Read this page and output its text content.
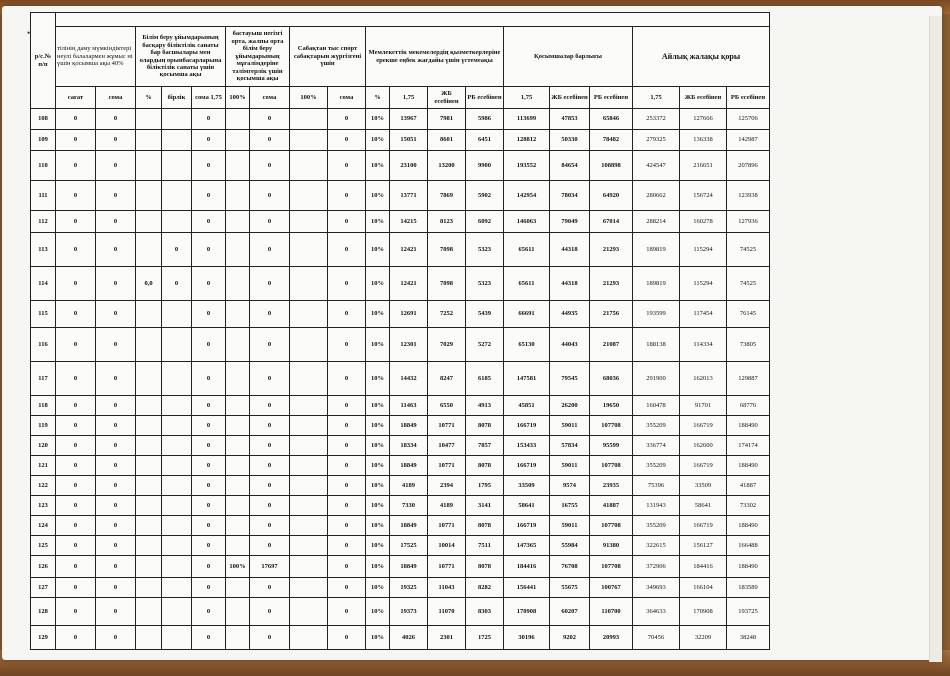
•
р/с.№ п/п																			
	тілінің даму мүмкіндіктері неулі балалармен жұмыс ні үшін қосымша ақы 40%		Білім беру ұйымдарының басқару біліктілік санаты бар басшылары мен олардың орынбасарларына біліктілік санаты үшін қосымша ақы			бастауыш негізгі орта, жалпы орта білім беру ұйымдарының мұғалімдеріне тәлімгерлік үшін қосымша ақы		Сабақтан тыс спорт сабақтарын жүргізгені үшін		Мемлекеттік мекемелердің қызметкерлеріне ерекше еңбек жағдайы үшін үстемеақы				Қосымшалар барлығы			Айлық жалақы қоры		
	сағат	сома	%	бірлік	сома 1,75	100%	сома	100%	сома	%	1,75	ЖБ есебінен	РБ есебінен	1,75	ЖБ есебінен	РБ есебінен	1,75	ЖБ есебінен	РБ есебінен
108	0	0			0		0		0	10%	13967	7981	5986	113699	47853	65846	253372	127666	125706
109	0	0			0		0		0	10%	15051	8601	6451	128812	50330	78482	279325	136338	142987
110	0	0			0		0		0	10%	23100	13200	9900	193552	84654	108898	424547	216651	207896
111	0	0			0		0		0	10%	13771	7869	5902	142954	78034	64920	280662	156724	123938
112	0	0			0		0		0	10%	14215	8123	6092	146063	79049	67014	288214	160278	127936
113	0	0		0	0		0		0	10%	12421	7098	5323	65611	44318	21293	189819	115294	74525
114	0	0	0,0	0	0		0		0	10%	12421	7098	5323	65611	44318	21293	189819	115294	74525
115	0	0			0		0		0	10%	12691	7252	5439	66691	44935	21756	193599	117454	76145
116	0	0			0		0		0	10%	12301	7029	5272	65130	44043	21087	188138	114334	73805
117	0	0			0		0		0	10%	14432	8247	6185	147581	79545	68036	291900	162013	129887
118	0	0			0		0		0	10%	11463	6550	4913	45851	26200	19650	160478	91701	68776
119	0	0			0		0		0	10%	18849	10771	8078	166719	59011	107708	355209	166719	188490
120	0	0			0		0		0	10%	18334	10477	7857	153433	57834	95599	336774	162600	174174
121	0	0			0		0		0	10%	18849	10771	8078	166719	59011	107708	355209	166719	188490
122	0	0			0		0		0	10%	4189	2394	1795	33509	9574	23935	75396	33509	41887
123	0	0			0		0		0	10%	7330	4189	3141	58641	16755	41887	131943	58641	73302
124	0	0			0		0		0	10%	18849	10771	8078	166719	59011	107708	355209	166719	188490
125	0	0			0		0		0	10%	17525	10014	7511	147365	55984	91380	322615	156127	166488
126	0	0			0	100%	17697		0	10%	18849	10771	8078	184416	76708	107708	372906	184416	188490
127	0	0			0		0		0	10%	19325	11043	8282	156441	55675	100767	349693	166104	183589
128	0	0			0		0		0	10%	19373	11070	8303	170908	60207	110700	364633	170908	193725
129	0	0			0		0		0	10%	4026	2301	1725	30196	9202	20993	70456	32209	38248
